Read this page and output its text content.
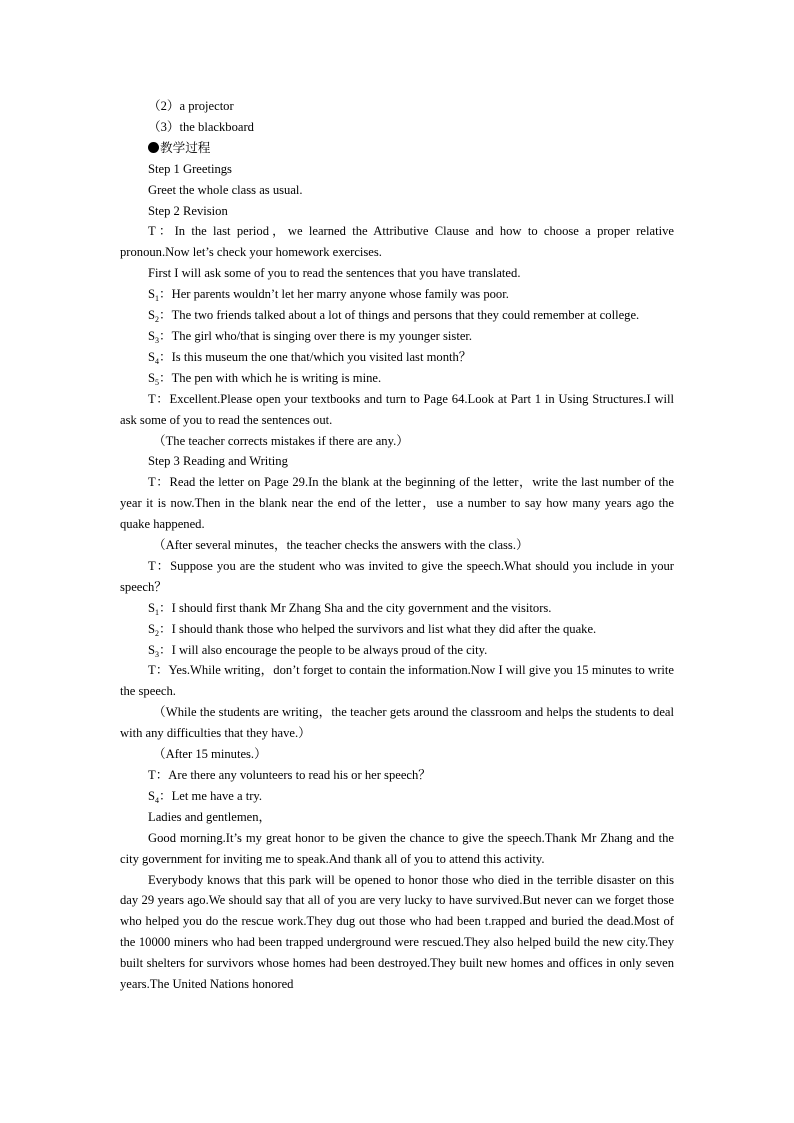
（2）a projector

（3）the blackboard

教学过程

Step 1 Greetings

Greet the whole class as usual.

Step 2 Revision

T：In the last period，we learned the Attributive Clause and how to choose a proper relative pronoun.Now let’s check your homework exercises.

First I will ask some of you to read the sentences that you have translated.

$S_1$：Her parents wouldn’t let her marry anyone whose family was poor.

$S_2$：The two friends talked about a lot of things and persons that they could remember at college.

$S_3$：The girl who/that is singing over there is my younger sister.

$S_4$：Is this museum the one that/which you visited last month？

$S_5$：The pen with which he is writing is mine.

T：Excellent.Please open your textbooks and turn to Page 64.Look at Part 1 in Using Structures.I will ask some of you to read the sentences out.

（The teacher corrects mistakes if there are any.）

Step 3 Reading and Writing

T：Read the letter on Page 29.In the blank at the beginning of the letter，write the last number of the year it is now.Then in the blank near the end of the letter，use a number to say how many years ago the quake happened.

（After several minutes，the teacher checks the answers with the class.）

T：Suppose you are the student who was invited to give the speech.What should you include in your speech？

$S_1$：I should first thank Mr Zhang Sha and the city government and the visitors.

$S_2$：I should thank those who helped the survivors and list what they did after the quake.

$S_3$：I will also encourage the people to be always proud of the city.

T：Yes.While writing，don’t forget to contain the information.Now I will give you 15 minutes to write the speech.

（While the students are writing，the teacher gets around the classroom and helps the students to deal with any difficulties that they have.）

（After 15 minutes.）

T：Are there any volunteers to read his or her speech？

$S_4$：Let me have a try.

Ladies and gentlemen，

Good morning.It’s my great honor to be given the chance to give the speech.Thank Mr Zhang and the city government for inviting me to speak.And thank all of you to attend this activity.

Everybody knows that this park will be opened to honor those who died in the terrible disaster on this day 29 years ago.We should say that all of you are very lucky to have survived.But never can we forget those who helped you do the rescue work.They dug out those who had been t.rapped and buried the dead.Most of the 10000 miners who had been trapped underground were rescued.They also helped build the new city.They built shelters for survivors whose homes had been destroyed.They built new homes and offices in only seven years.The United Nations honored
